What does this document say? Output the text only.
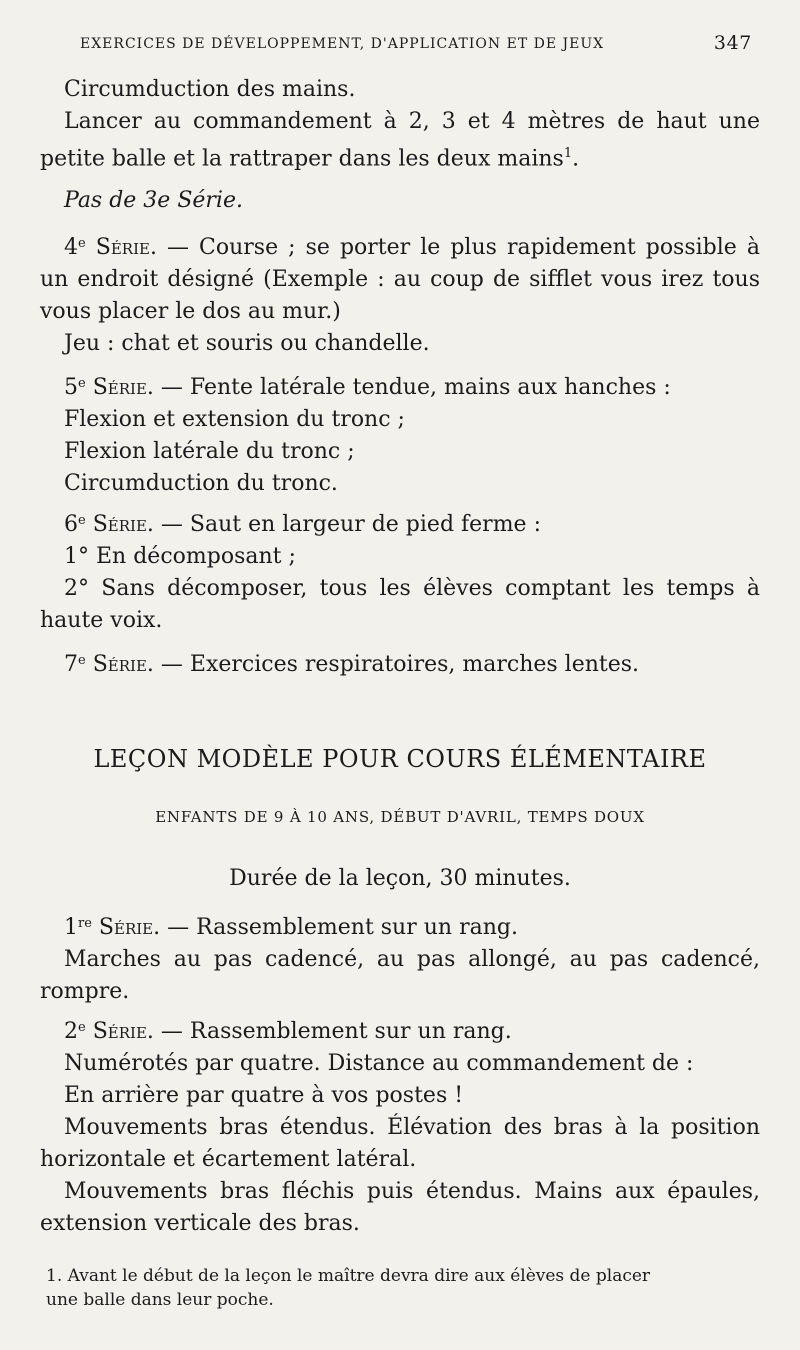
EXERCICES DE DÉVELOPPEMENT, D'APPLICATION ET DE JEUX	347

Circumduction des mains.

Lancer au commandement à 2, 3 et 4 mètres de haut une

petite balle et la rattraper dans les deux mains$^1$.

Pas de 3e Série.

4e Série. — Course ; se porter le plus rapidement possible à

un endroit désigné (Exemple : au coup de sifflet vous irez tous

vous placer le dos au mur.)

Jeu : chat et souris ou chandelle.

5e Série. — Fente latérale tendue, mains aux hanches :

Flexion et extension du tronc ;

Flexion latérale du tronc ;

Circumduction du tronc.

6e Série. — Saut en largeur de pied ferme :

1° En décomposant ;

2° Sans décomposer, tous les élèves comptant les temps à

haute voix.

7e Série. — Exercices respiratoires, marches lentes.

LEÇON MODÈLE POUR COURS ÉLÉMENTAIRE
ENFANTS DE 9 À 10 ANS, DÉBUT D'AVRIL, TEMPS DOUX
Durée de la leçon, 30 minutes.

1re Série. — Rassemblement sur un rang.

Marches au pas cadencé, au pas allongé, au pas cadencé,

rompre.

2e Série. — Rassemblement sur un rang.

Numérotés par quatre. Distance au commandement de :

En arrière par quatre à vos postes !

Mouvements bras étendus. Élévation des bras à la position

horizontale et écartement latéral.

Mouvements bras fléchis puis étendus. Mains aux épaules,

extension verticale des bras.

1. Avant le début de la leçon le maître devra dire aux élèves de placer

une balle dans leur poche.
